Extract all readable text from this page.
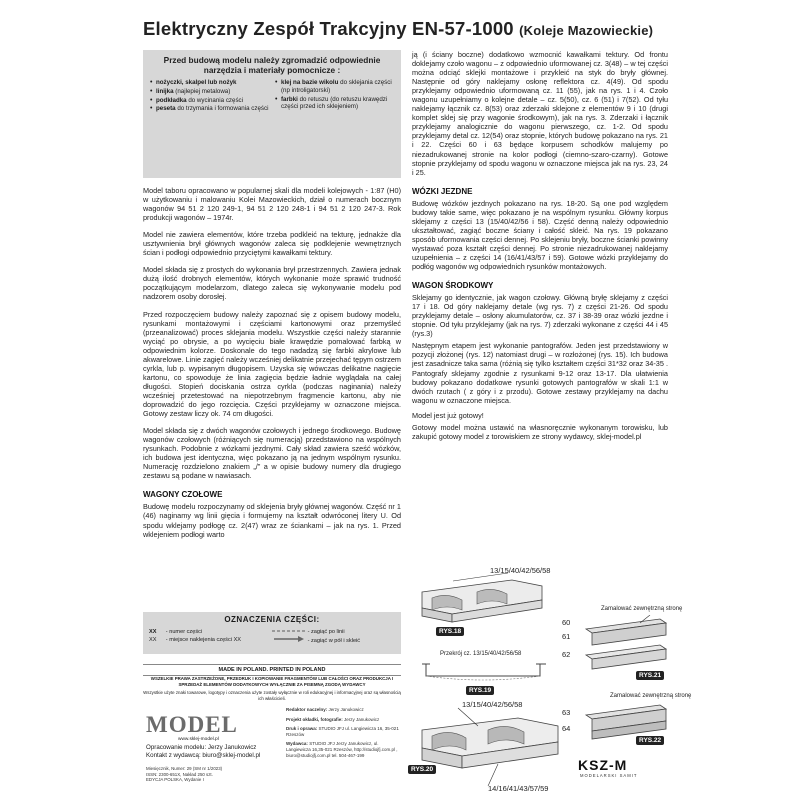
Elektryczny Zespół Trakcyjny EN-57-1000 (Koleje Mazowieckie)
Przed budową modelu należy zgromadzić odpowiednie narzędzia i materiały pomocnicze :
• nożyczki, skalpel lub nożyk
• linijka (najlepiej metalowa)
• podkładka do wycinania części
• peseta do trzymania i formowania części
• klej na bazie wikolu do sklejania części (np introligatorski)
• farbki do retuszu (do retuszu krawędzi części przed ich sklejeniem)

Model taboru opracowano w popularnej skali dla modeli kolejowych - 1:87 (H0) w użytkowaniu i malowaniu Kolei Mazowieckich, dział o numerach bocznym wagonów 94 51 2 120 249-1, 94 51 2 120 248-1 i 94 51 2 120 247-3. Rok produkcji wagonów – 1974r.

Model nie zawiera elementów, które trzeba podkleić na tekturę, jednakże dla usztywnienia brył głównych wagonów zaleca się podklejenie wewnętrznych ścian i podłogi odpowiednio przyciętymi kawałkami tektury.

Model składa się z prostych do wykonania brył przestrzennych. Zawiera jednak dużą ilość drobnych elementów, których wykonanie może sprawić trudność początkującym modelarzom, dlatego zaleca się wykonywanie modelu pod nadzorem osoby dorosłej.

Przed rozpoczęciem budowy należy zapoznać się z opisem budowy modelu, rysunkami montażowymi i częściami kartonowymi oraz przemyśleć (przeanalizować) proces sklejania modelu. Wszystkie części należy starannie wyciąć po obrysie, a po wycięciu białe krawędzie pomalować farbką w odpowiednim kolorze. Doskonale do tego nadadzą się farbki akrylowe lub akwarelowe. Linie zagięć należy wcześniej delikatnie przejechać tępym ostrzem cyrkla, lub p. wypisanym długopisem. Uzyska się wówczas delikatne nagięcie kartonu, co spowoduje że linia zagięcia będzie ładnie wyglądała na całej długości. Stopień dociskania ostrza cyrkla (podczas naginania) należy wcześniej przetestować na niepotrzebnym fragmencie kartonu, aby nie doprowadzić do jego rozcięcia. Części przyklejamy w oznaczone miejsca. Gotowy zestaw liczy ok. 74 cm długości.

Model składa się z dwóch wagonów czołowych i jednego środkowego. Budowę wagonów czołowych (różniących się numeracją) przedstawiono na wspólnych rysunkach. Podobnie z wózkami jezdnymi. Cały skład zawiera sześć wózków, ich budowa jest identyczna, więc pokazano ją na jednym wspólnym rysunku. Numerację rozdzielono znakiem „/” a w opisie budowy numery dla drugiego zestawu są podane w nawiasach.

WAGONY CZOŁOWE

Budowę modelu rozpoczynamy od sklejenia bryły głównej wagonów. Część nr 1 (46) naginamy wg linii gięcia i formujemy na kształt odwróconej litery U. Od spodu wklejamy podłogę cz. 2(47) wraz ze ściankami – jak na rys. 1. Przed wklejeniem podłogi warto

OZNACZENIA CZĘŚCI:
XX - numer części
XX - miejsce naklejenia części XX
- zagiąć po linii
- zagiąć w pół i skleić
MADE IN POLAND. PRINTED IN POLAND
WSZELKIE PRAWA ZASTRZEŻONE, PRZEDRUK I KOPIOWANIE FRAGMENTÓW LUB CAŁOŚCI ORAZ PRODUKCJA I SPRZEDAŻ ELEMENTÓW DODATKOWYCH WYŁĄCZNIE ZA PISEMNĄ ZGODĄ WYDAWCY
Wszystkie użyte znaki towarowe, logotypy i oznaczenia użyte zostały wyłącznie w roli edukacyjnej i informacyjnej oraz są własnością ich właścicieli.
MODEL
www.sklej-model.pl
Opracowanie modelu: Jerzy Janukowicz
Kontakt z wydawcą: biuro@sklej-model.pl
Miesięcznik, Numer: 29 (SM nr 1/2023)
ISSN: 2300-651X, Nakład 250 szt.
EDYCJA POLSKA, Wydanie I

Redaktor naczelny: Jerzy Janukowicz

Projekt okładki, fotografie: Jerzy Janukowicz

Druk i oprawa: STUDIO JFJ ul. Langiewicza 16, 35-021 Rzeszów

Wydawca: STUDIO JFJ Jerzy Janukowicz, ul. Langiewicza 16,35-021 Rzeszów, http://studiojfj.com.pl , biuro@studiojfj.com.pl tel. 504-467-199

ją (i ściany boczne) dodatkowo wzmocnić kawałkami tektury. Od frontu doklejamy czoło wagonu – z odpowiednio uformowanej cz. 3(48) – w tej części można odciąć sklejki montażowe i przykleić na styk do bryły głównej. Następnie od góry naklejamy osłonę reflektora cz. 4(49). Od spodu przyklejamy odpowiednio uformowaną cz. 11 (55), jak na rys. 1 i 4. Czoło wagonu uzupełniamy o kolejne detale – cz. 5(50), cz. 6 (51) i 7(52). Od tyłu naklejamy łącznik cz. 8(53) oraz zderzaki sklejone z elementów 9 i 10 (drugi komplet sklej się przy wagonie środkowym), jak na rys. 3. Zderzaki i łącznik przyklejamy analogicznie do wagonu pierwszego, cz. 1-2. Od spodu przyklejamy detal cz. 12(54) oraz stopnie, których budowę pokazano na rys. 21 i 22. Części 60 i 63 będące korpusem schodków malujemy po niezadrukowanej stronie na kolor podłogi (ciemno-szaro-czarny). Gotowe stopnie przyklejamy od spodu wagonu w oznaczone miejsca jak na rys. 23, 24 i 25.

WÓZKI JEZDNE

Budowę wózków jezdnych pokazano na rys. 18-20. Są one pod względem budowy takie same, więc pokazano je na wspólnym rysunku. Główny korpus sklejamy z części 13 (15/40/42/56 i 58). Część denną należy odpowiednio ukształtować, zagiąć boczne ściany i całość skleić. Na rys. 19 pokazano sposób uformowania części dennej. Po sklejeniu bryły, boczne ścianki powinny wystawać poza kształt części dennej. Po stronie niezadrukowanej naklejamy uzupełnienia – z części 14 (16/41/43/57 i 59). Gotowe wózki przyklejamy do podłóg wagonów wg odpowiednich rysunków montażowych.

WAGON ŚRODKOWY

Sklejamy go identycznie, jak wagon czołowy. Główną bryłę sklejamy z części 17 i 18. Od góry naklejamy detale (wg rys. 7) z części 21-26. Od spodu przyklejamy detale – osłony akumulatorów, cz. 37 i 38-39 oraz wózki jezdne i stopnie. Od tyłu przyklejamy (jak na rys. 7) zderzaki wykonane z części 44 i 45 (rys.3)

Następnym etapem jest wykonanie pantografów. Jeden jest przedstawiony w pozycji złożonej (rys. 12) natomiast drugi – w rozłożonej (rys. 15). Ich budowa jest zasadnicze taka sama (różnią się tylko kształtem części 31*32 oraz 34-35 . Pantografy sklejamy zgodnie z rysunkami 9-12 oraz 13-17. Dla ułatwienia budowy pokazano dodatkowe rysunki gotowych pantografów w skali 1:1 w dwóch rzutach ( z góry i z przodu). Gotowe zestawy przyklejamy na dachu wagonu w oznaczone miejsca.

Model jest już gotowy!

Gotowy model można ustawić na własnoręcznie wykonanym torowisku, lub zakupić gotowy model z torowiskiem ze strony wydawcy, sklej-model.pl

13/15/40/42/56/58
RYS.18
Przekrój cz. 13/15/40/42/56/58
RYS.19
13/15/40/42/56/58
14/16/41/43/57/59
RYS.20
Zamalować zewnętrzną stronę
60
61
62
RYS.21
Zamalować zewnętrzną stronę
63
64
RYS.22
KSZ-M
MODELARSKI SAMIT
